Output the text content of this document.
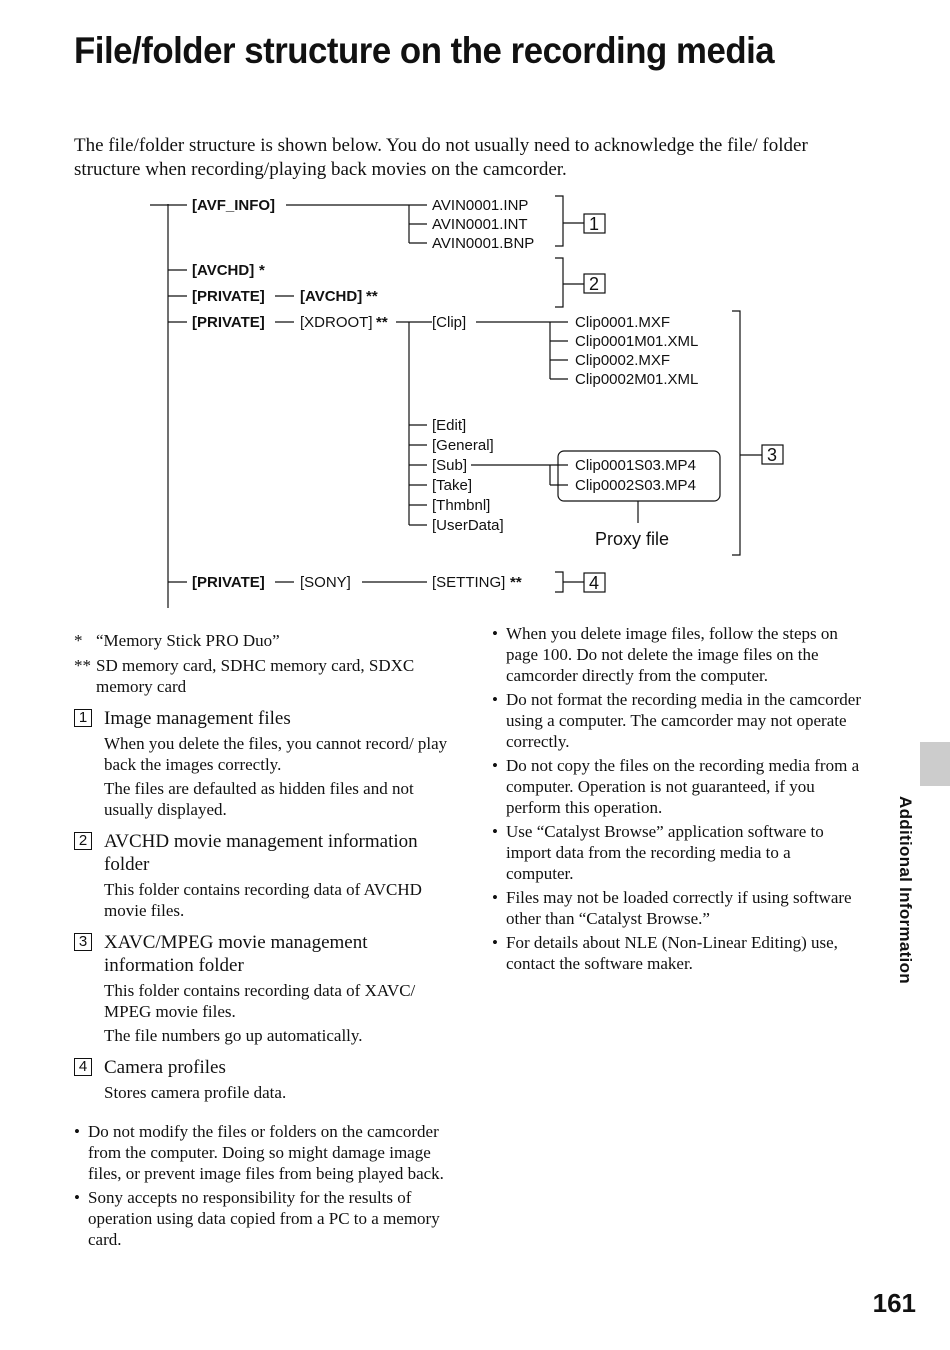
File/folder structure on the recording media

The file/folder structure is shown below. You do not usually need to acknowledge the file/ folder structure when recording/playing back movies on the camcorder.

[AVF_INFO]	AVIN0001.INP
AVIN0001.INT
AVIN0001.BNP
1
[AVCHD] *
[PRIVATE] [AVCHD] **
2
[PRIVATE] [XDROOT] **	[Clip]	Clip0001.MXF
Clip0001M01.XML
Clip0002.MXF
Clip0002M01.XML
[Edit]
[General]
[Sub]
[Take]
[Thmbnl]
[UserData]
Clip0001S03.MP4
Clip0002S03.MP4
Proxy file
3
[PRIVATE] [SONY]	[SETTING] **	4
* “Memory Stick PRO Duo”
** SD memory card, SDHC memory card, SDXC memory card
1 Image management files

When you delete the files, you cannot record/ play back the images correctly.

The files are defaulted as hidden files and not usually displayed.

2 AVCHD movie management information folder

This folder contains recording data of AVCHD movie files.

3 XAVC/MPEG movie management information folder

This folder contains recording data of XAVC/ MPEG movie files.

The file numbers go up automatically.

4 Camera profiles

Stores camera profile data.

• Do not modify the files or folders on the camcorder from the computer. Doing so might damage image files, or prevent image files from being played back.
• Sony accepts no responsibility for the results of operation using data copied from a PC to a memory card.
• When you delete image files, follow the steps on page 100. Do not delete the image files on the camcorder directly from the computer.
• Do not format the recording media in the camcorder using a computer. The camcorder may not operate correctly.
• Do not copy the files on the recording media from a computer. Operation is not guaranteed, if you perform this operation.
• Use “Catalyst Browse” application software to import data from the recording media to a computer.
• Files may not be loaded correctly if using software other than “Catalyst Browse.”
• For details about NLE (Non-Linear Editing) use, contact the software maker.	Additional Information
161
